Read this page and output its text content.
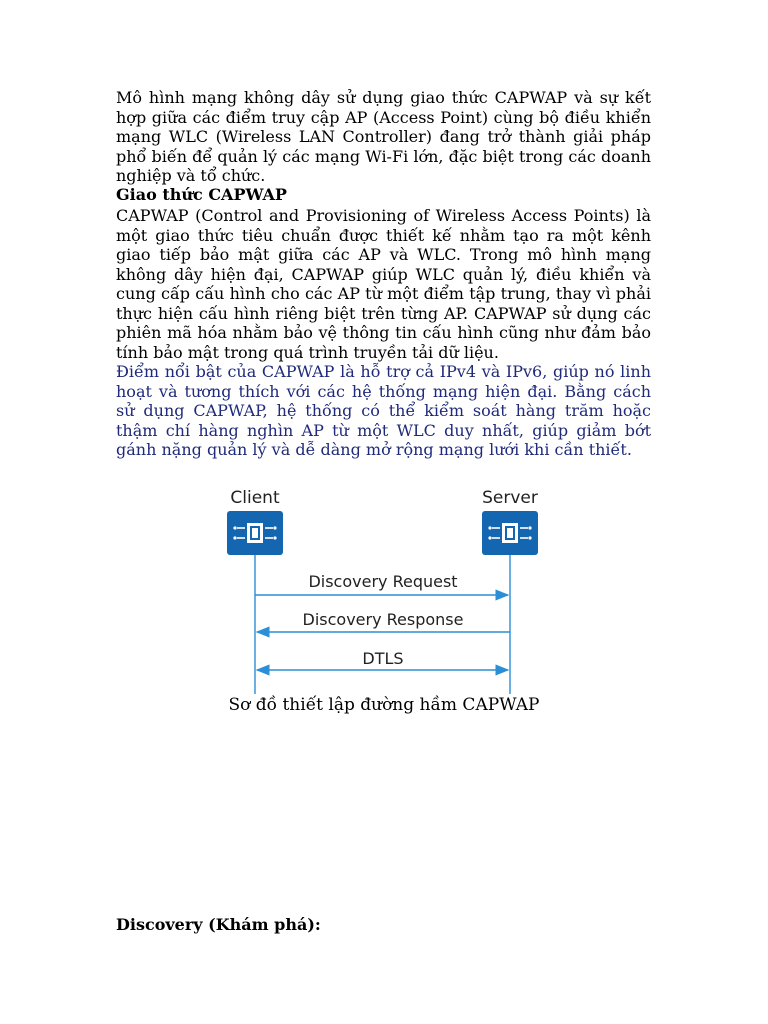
Mô hình mạng không dây sử dụng giao thức CAPWAP và sự kết hợp giữa các điểm truy cập AP (Access Point) cùng bộ điều khiển mạng WLC (Wireless LAN Controller) đang trở thành giải pháp phổ biến để quản lý các mạng Wi-Fi lớn, đặc biệt trong các doanh nghiệp và tổ chức.

Giao thức CAPWAP

CAPWAP (Control and Provisioning of Wireless Access Points) là một giao thức tiêu chuẩn được thiết kế nhằm tạo ra một kênh giao tiếp bảo mật giữa các AP và WLC. Trong mô hình mạng không dây hiện đại, CAPWAP giúp WLC quản lý, điều khiển và cung cấp cấu hình cho các AP từ một điểm tập trung, thay vì phải thực hiện cấu hình riêng biệt trên từng AP. CAPWAP sử dụng các phiên mã hóa nhằm bảo vệ thông tin cấu hình cũng như đảm bảo tính bảo mật trong quá trình truyền tải dữ liệu.

Điểm nổi bật của CAPWAP là hỗ trợ cả IPv4 và IPv6, giúp nó linh hoạt và tương thích với các hệ thống mạng hiện đại. Bằng cách sử dụng CAPWAP, hệ thống có thể kiểm soát hàng trăm hoặc thậm chí hàng nghìn AP từ một WLC duy nhất, giúp giảm bớt gánh nặng quản lý và dễ dàng mở rộng mạng lưới khi cần thiết.

Client	Server
Discovery Request
Discovery Response
DTLS

Sơ đồ thiết lập đường hầm CAPWAP

Discovery (Khám phá):
